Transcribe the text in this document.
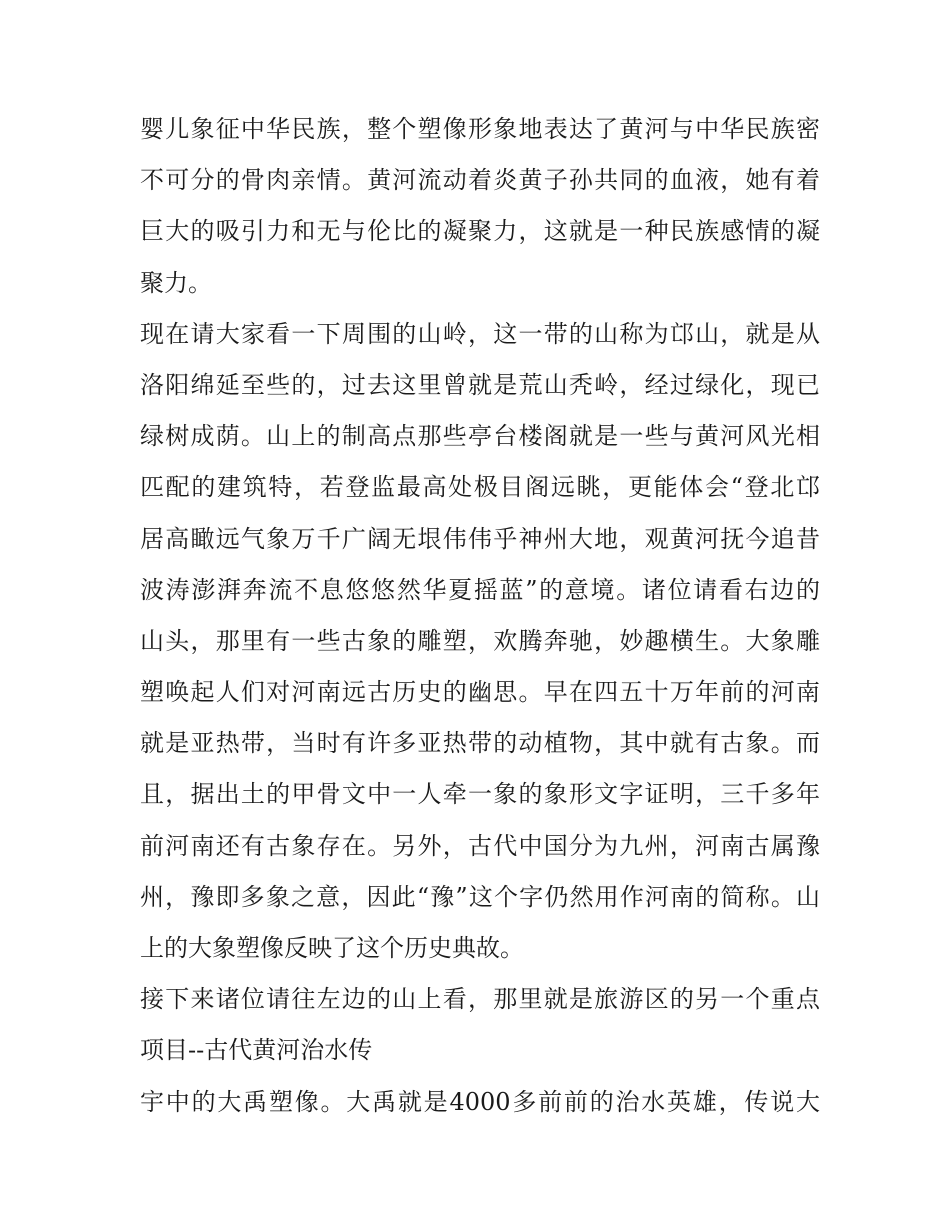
婴儿象征中华民族，整个塑像形象地表达了黄河与中华民族密
不可分的骨肉亲情。黄河流动着炎黄子孙共同的血液，她有着
巨大的吸引力和无与伦比的凝聚力，这就是一种民族感情的凝
聚力。
现在请大家看一下周围的山岭，这一带的山称为邙山，就是从
洛阳绵延至些的，过去这里曾就是荒山秃岭，经过绿化，现已
绿树成荫。山上的制高点那些亭台楼阁就是一些与黄河风光相
匹配的建筑特，若登监最高处极目阁远眺，更能体会“登北邙
居高瞰远气象万千广阔无垠伟伟乎神州大地，观黄河抚今追昔
波涛澎湃奔流不息悠悠然华夏摇蓝”的意境。诸位请看右边的
山头，那里有一些古象的雕塑，欢腾奔驰，妙趣横生。大象雕
塑唤起人们对河南远古历史的幽思。早在四五十万年前的河南
就是亚热带，当时有许多亚热带的动植物，其中就有古象。而
且，据出土的甲骨文中一人牵一象的象形文字证明，三千多年
前河南还有古象存在。另外，古代中国分为九州，河南古属豫
州，豫即多象之意，因此“豫”这个字仍然用作河南的简称。山
上的大象塑像反映了这个历史典故。
接下来诸位请往左边的山上看，那里就是旅游区的另一个重点
项目--古代黄河治水传
宇中的大禹塑像。大禹就是4000多前前的治水英雄，传说大
